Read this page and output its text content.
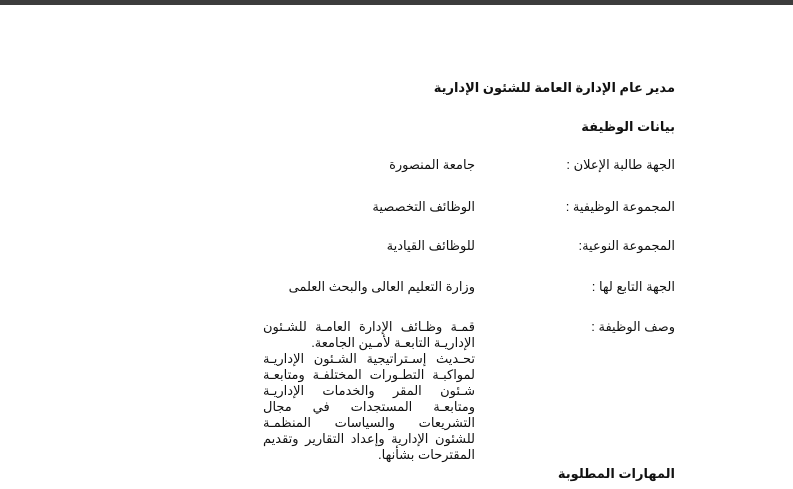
مدير عام الإدارة العامة للشئون الإدارية
بيانات الوظيفة
الجهة طالبة الإعلان :
جامعة المنصورة
المجموعة الوظيفية :
الوظائف التخصصية
المجموعة النوعية:
للوظائف القيادية
الجهة التابع لها :
وزارة التعليم العالى والبحث العلمى
وصف الوظيفة :

قمـة وظـائف الإدارة العامـة للشـئون الإداريـة التابعـة لأمـين الجامعة.

تحـديث إسـتراتيجية الشـئون الإداريـة لمواكبـة التطـورات المختلفـة ومتابعـة شـئون المقر والخدمات الإداريـة ومتابعـة المستجدات في مجال التشريعات والسياسات المنظمـة للشئون الإدارية وإعداد التقارير وتقديم المقترحات بشأنها.

المهارات المطلوبة
